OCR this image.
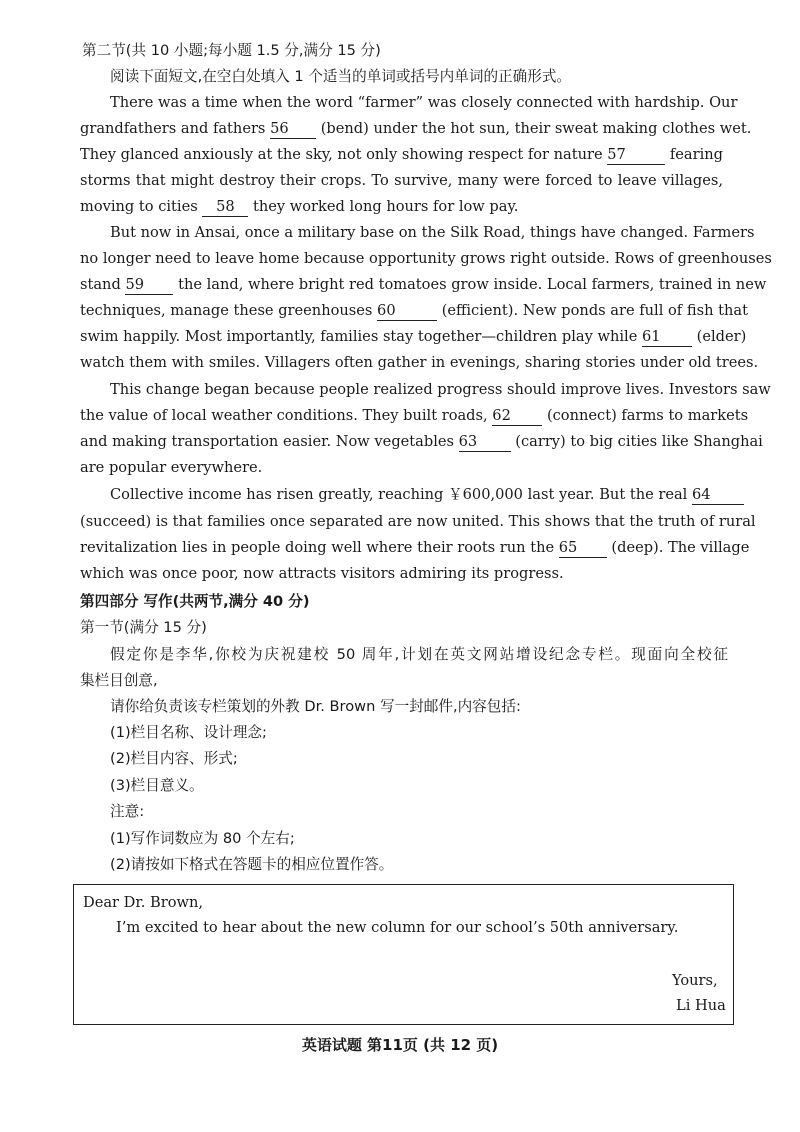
第二节(共 10 小题;每小题 1.5 分,满分 15 分)
阅读下面短文,在空白处填入 1 个适当的单词或括号内单词的正确形式。
There was a time when the word “farmer” was closely connected with hardship. Our
grandfathers and fathers 56 (bend) under the hot sun, their sweat making clothes wet.
They glanced anxiously at the sky, not only showing respect for nature 57	fearing
storms that might destroy their crops. To survive, many were forced to leave villages,
moving to cities 58 they worked long hours for low pay.
But now in Ansai, once a military base on the Silk Road, things have changed. Farmers
no longer need to leave home because opportunity grows right outside. Rows of greenhouses
stand 59 the land, where bright red tomatoes grow inside. Local farmers, trained in new
techniques, manage these greenhouses 60	(efficient). New ponds are full of fish that
swim happily. Most importantly, families stay together—children play while 61 (elder)
watch them with smiles. Villagers often gather in evenings, sharing stories under old trees.
This change began because people realized progress should improve lives. Investors saw
the value of local weather conditions. They built roads, 62 (connect) farms to markets
and making transportation easier. Now vegetables 63	(carry) to big cities like Shanghai
are popular everywhere.
Collective income has risen greatly, reaching ￥600,000 last year. But the real 64
(succeed) is that families once separated are now united. This shows that the truth of rural
revitalization lies in people doing well where their roots run the 65 (deep). The village
which was once poor, now attracts visitors admiring its progress.
第四部分 写作(共两节,满分 40 分)
第一节(满分 15 分)
假定你是李华,你校为庆祝建校 50 周年,计划在英文网站增设纪念专栏。现面向全校征
集栏目创意,
请你给负责该专栏策划的外教 Dr. Brown 写一封邮件,内容包括:
(1)栏目名称、设计理念;
(2)栏目内容、形式;
(3)栏目意义。
注意:
(1)写作词数应为 80 个左右;
(2)请按如下格式在答题卡的相应位置作答。
Dear Dr. Brown,
I’m excited to hear about the new column for our school’s 50th anniversary.
Yours,
Li Hua
英语试题 第11页 (共 12 页)
